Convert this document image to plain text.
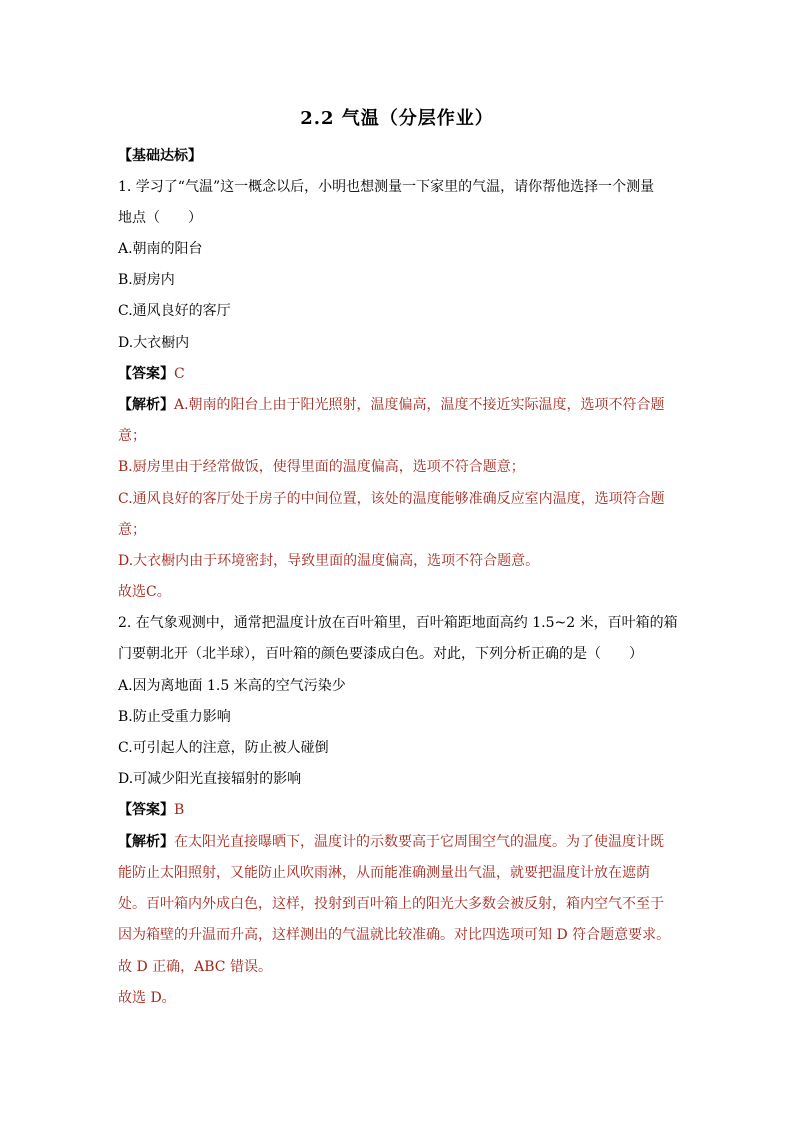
2.2 气温（分层作业）
【基础达标】
1. 学习了“气温”这一概念以后，小明也想测量一下家里的气温，请你帮他选择一个测量
地点（　　）
A.朝南的阳台
B.厨房内
C.通风良好的客厅
D.大衣橱内
【答案】C
【解析】A.朝南的阳台上由于阳光照射，温度偏高，温度不接近实际温度，选项不符合题
意；
B.厨房里由于经常做饭，使得里面的温度偏高，选项不符合题意；
C.通风良好的客厅处于房子的中间位置，该处的温度能够准确反应室内温度，选项符合题
意；
D.大衣橱内由于环境密封，导致里面的温度偏高，选项不符合题意。
故选C。
2. 在气象观测中，通常把温度计放在百叶箱里，百叶箱距地面高约 1.5~2 米，百叶箱的箱
门要朝北开（北半球），百叶箱的颜色要漆成白色。对此，下列分析正确的是（　　）
A.因为离地面 1.5 米高的空气污染少
B.防止受重力影响
C.可引起人的注意，防止被人碰倒
D.可减少阳光直接辐射的影响
【答案】B
【解析】在太阳光直接曝晒下，温度计的示数要高于它周围空气的温度。为了使温度计既
能防止太阳照射，又能防止风吹雨淋，从而能准确测量出气温，就要把温度计放在遮荫
处。百叶箱内外成白色，这样，投射到百叶箱上的阳光大多数会被反射，箱内空气不至于
因为箱壁的升温而升高，这样测出的气温就比较准确。对比四选项可知 D 符合题意要求。
故 D 正确，ABC 错误。
故选 D。
